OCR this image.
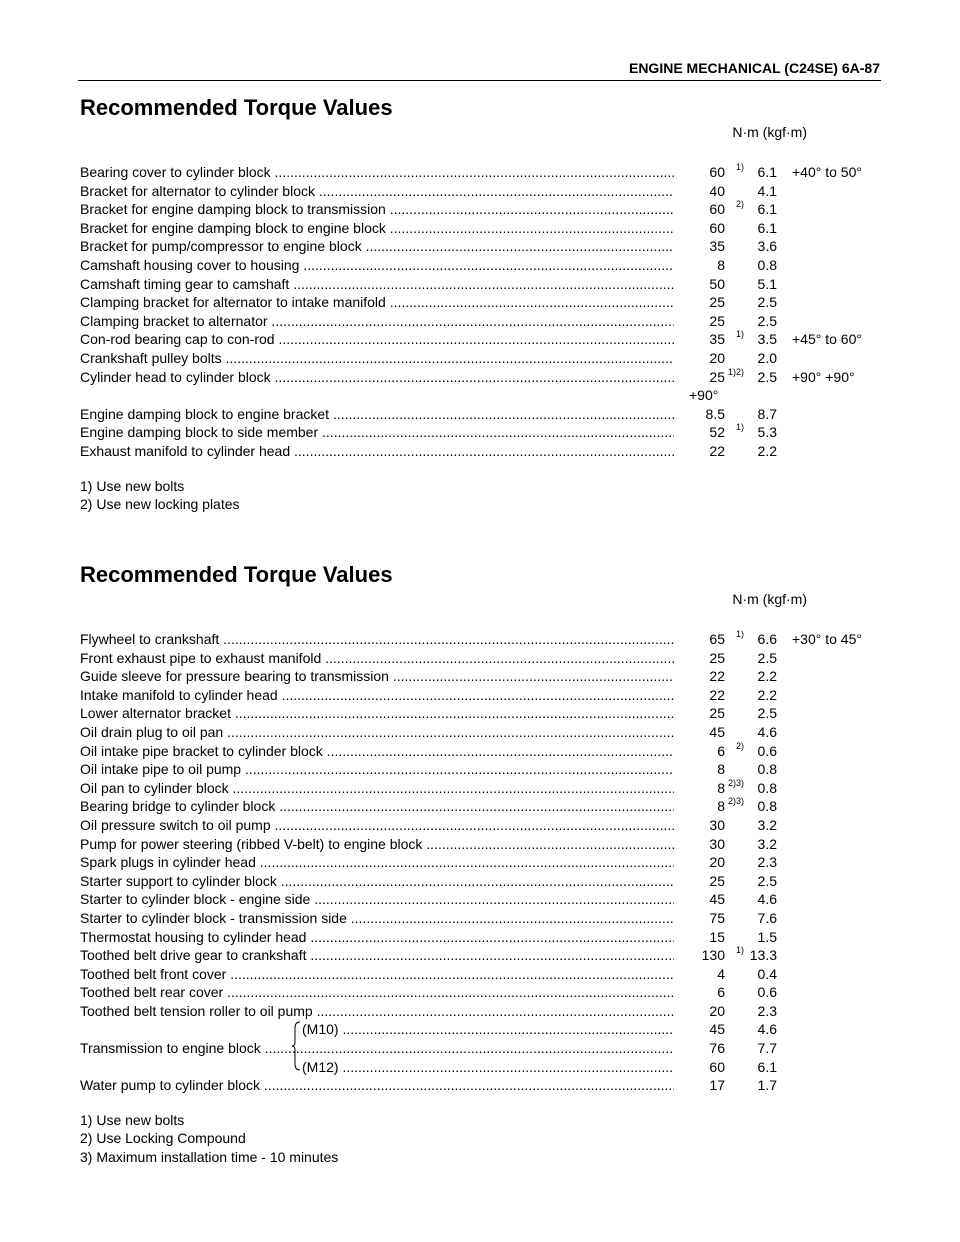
ENGINE MECHANICAL (C24SE) 6A-87
Recommended Torque Values
N·m (kgf·m)
Bearing cover to cylinder block .....	60 1) 6.1 +40° to 50°
Bracket for alternator to cylinder block .....	40 4.1
Bracket for engine damping block to transmission .....	60 2) 6.1
Bracket for engine damping block to engine block .....	60 6.1
Bracket for pump/compressor to engine block .....	35 3.6
Camshaft housing cover to housing .....	8 0.8
Camshaft timing gear to camshaft .....	50 5.1
Clamping bracket for alternator to intake manifold .....	25 2.5
Clamping bracket to alternator .....	25 2.5
Con-rod bearing cap to con-rod .....	35 1) 3.5 +45° to 60°
Crankshaft pulley bolts .....	20 2.0
Cylinder head to cylinder block .....	25 1)2) 2.5 +90° +90°
+90°
Engine damping block to engine bracket .....	8.5 8.7
Engine damping block to side member .....	52 1) 5.3
Exhaust manifold to cylinder head .....	22 2.2
1) Use new bolts
2) Use new locking plates
Recommended Torque Values
N·m (kgf·m)
Flywheel to crankshaft .....	65 1) 6.6 +30° to 45°
Front exhaust pipe to exhaust manifold .....	25 2.5
Guide sleeve for pressure bearing to transmission .....	22 2.2
Intake manifold to cylinder head .....	22 2.2
Lower alternator bracket .....	25 2.5
Oil drain plug to oil pan .....	45 4.6
Oil intake pipe bracket to cylinder block .....	6 2) 0.6
Oil intake pipe to oil pump .....	8 0.8
Oil pan to cylinder block .....	8 2)3) 0.8
Bearing bridge to cylinder block .....	8 2)3) 0.8
Oil pressure switch to oil pump .....	30 3.2
Pump for power steering (ribbed V-belt) to engine block .....	30 3.2
Spark plugs in cylinder head .....	20 2.3
Starter support to cylinder block .....	25 2.5
Starter to cylinder block - engine side .....	45 4.6
Starter to cylinder block - transmission side .....	75 7.6
Thermostat housing to cylinder head .....	15 1.5
Toothed belt drive gear to crankshaft .....	130 1) 13.3
Toothed belt front cover .....	4 0.4
Toothed belt rear cover .....	6 0.6
Toothed belt tension roller to oil pump .....	20 2.3
(M10) .....	45 4.6
Transmission to engine block .....	76 7.7
(M12) .....	60 6.1
Water pump to cylinder block .....	17 1.7
1) Use new bolts
2) Use Locking Compound
3) Maximum installation time - 10 minutes
